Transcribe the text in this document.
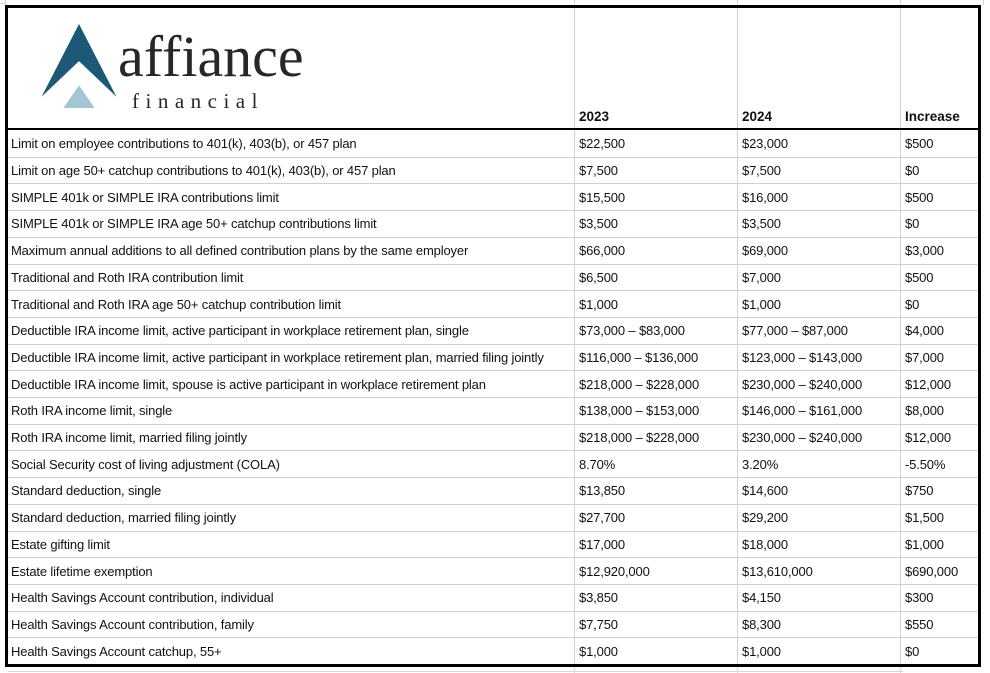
affiance
financial
2023	2024	Increase
Limit on employee contributions to 401(k), 403(b), or 457 plan	$22,500	$23,000	$500
Limit on age 50+ catchup contributions to 401(k), 403(b), or 457 plan	$7,500	$7,500	$0
SIMPLE 401k or SIMPLE IRA contributions limit	$15,500	$16,000	$500
SIMPLE 401k or SIMPLE IRA age 50+ catchup contributions limit	$3,500	$3,500	$0
Maximum annual additions to all defined contribution plans by the same employer	$66,000	$69,000	$3,000
Traditional and Roth IRA contribution limit	$6,500	$7,000	$500
Traditional and Roth IRA age 50+ catchup contribution limit	$1,000	$1,000	$0
Deductible IRA income limit, active participant in workplace retirement plan, single	$73,000 – $83,000	$77,000 – $87,000	$4,000
Deductible IRA income limit, active participant in workplace retirement plan, married filing jointly	$116,000 – $136,000	$123,000 – $143,000	$7,000
Deductible IRA income limit, spouse is active participant in workplace retirement plan	$218,000 – $228,000	$230,000 – $240,000	$12,000
Roth IRA income limit, single	$138,000 – $153,000	$146,000 – $161,000	$8,000
Roth IRA income limit, married filing jointly	$218,000 – $228,000	$230,000 – $240,000	$12,000
Social Security cost of living adjustment (COLA)	8.70%	3.20%	-5.50%
Standard deduction, single	$13,850	$14,600	$750
Standard deduction, married filing jointly	$27,700	$29,200	$1,500
Estate gifting limit	$17,000	$18,000	$1,000
Estate lifetime exemption	$12,920,000	$13,610,000	$690,000
Health Savings Account contribution, individual	$3,850	$4,150	$300
Health Savings Account contribution, family	$7,750	$8,300	$550
Health Savings Account catchup, 55+	$1,000	$1,000	$0
